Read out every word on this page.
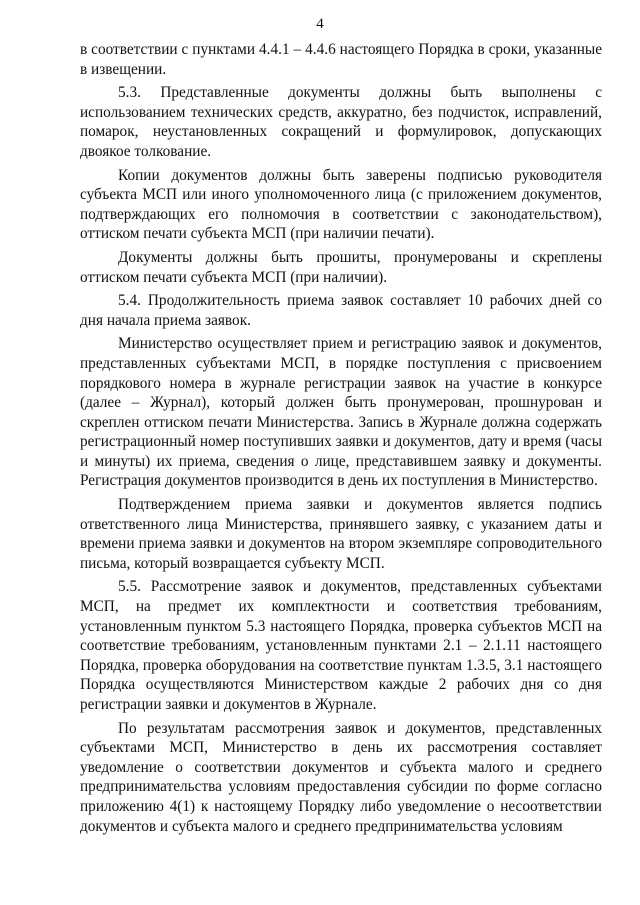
4

в соответствии с пунктами 4.4.1 – 4.4.6 настоящего Порядка в сроки, указанные в извещении.

5.3. Представленные документы должны быть выполнены с использованием технических средств, аккуратно, без подчисток, исправлений, помарок, неустановленных сокращений и формулировок, допускающих двоякое толкование.

Копии документов должны быть заверены подписью руководителя субъекта МСП или иного уполномоченного лица (с приложением документов, подтверждающих его полномочия в соответствии с законодательством), оттиском печати субъекта МСП (при наличии печати).

Документы должны быть прошиты, пронумерованы и скреплены оттиском печати субъекта МСП (при наличии).

5.4. Продолжительность приема заявок составляет 10 рабочих дней со дня начала приема заявок.

Министерство осуществляет прием и регистрацию заявок и документов, представленных субъектами МСП, в порядке поступления с присвоением порядкового номера в журнале регистрации заявок на участие в конкурсе (далее – Журнал), который должен быть пронумерован, прошнурован и скреплен оттиском печати Министерства. Запись в Журнале должна содержать регистрационный номер поступивших заявки и документов, дату и время (часы и минуты) их приема, сведения о лице, представившем заявку и документы. Регистрация документов производится в день их поступления в Министерство.

Подтверждением приема заявки и документов является подпись ответственного лица Министерства, принявшего заявку, с указанием даты и времени приема заявки и документов на втором экземпляре сопроводительного письма, который возвращается субъекту МСП.

5.5. Рассмотрение заявок и документов, представленных субъектами МСП, на предмет их комплектности и соответствия требованиям, установленным пунктом 5.3 настоящего Порядка, проверка субъектов МСП на соответствие требованиям, установленным пунктами 2.1 – 2.1.11 настоящего Порядка, проверка оборудования на соответствие пунктам 1.3.5, 3.1 настоящего Порядка осуществляются Министерством каждые 2 рабочих дня со дня регистрации заявки и документов в Журнале.

По результатам рассмотрения заявок и документов, представленных субъектами МСП, Министерство в день их рассмотрения составляет уведомление о соответствии документов и субъекта малого и среднего предпринимательства условиям предоставления субсидии по форме согласно приложению 4(1) к настоящему Порядку либо уведомление о несоответствии документов и субъекта малого и среднего предпринимательства условиям
